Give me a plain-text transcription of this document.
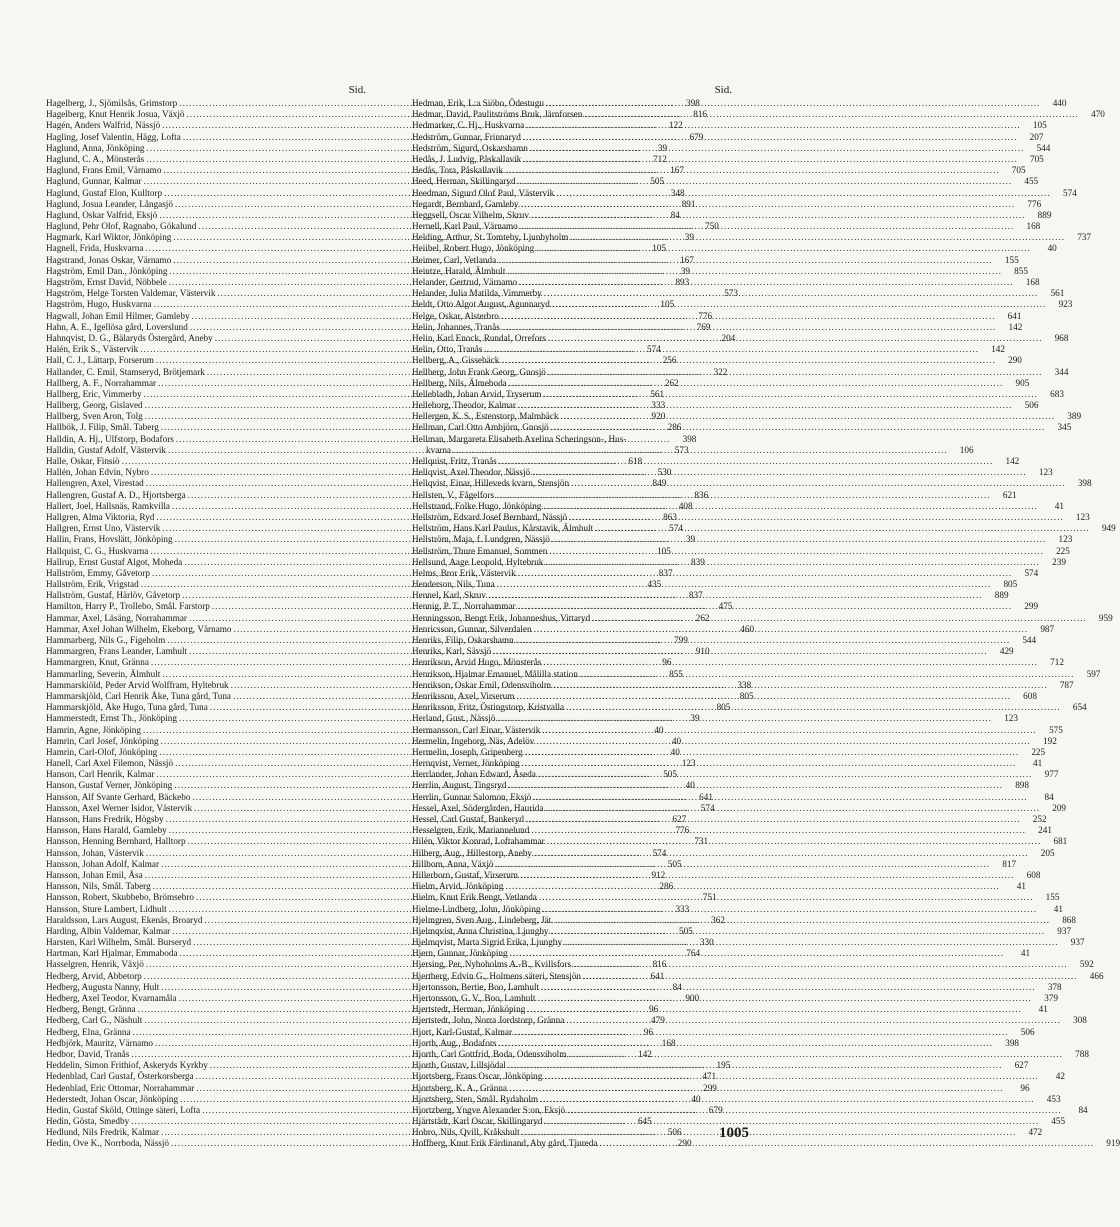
Sid.
Hagelberg, J., Sjömilsås, Grimstorp .....	398
Hagelberg, Knut Henrik Josua, Växjö .....	816
Hagén, Anders Walfrid, Nässjö .....	122
Hagling, Josef Valentin, Hägg, Lofta .....	679
Haglund, Anna, Jönköping .....	39
Haglund, C. A., Mönsterås .....	712
Haglund, Frans Emil, Värnamo .....	167
Haglund, Gunnar, Kalmar .....	505
Haglund, Gustaf Elon, Kulltorp .....	348
Haglund, Josua Leander, Långasjö .....	891
Haglund, Oskar Valfrid, Eksjö .....	84
Haglund, Pehr Olof, Ragnabo, Gökalund .....	750
Hagmark, Karl Wiktor, Jönköping .....	39
Hagnell, Frida, Huskvarna .....	105
Hagstrand, Jonas Oskar, Värnamo .....	167
Hagström, Emil Dan., Jönköping .....	39
Hagström, Ernst David, Nöbbele .....	893
Hagström, Helge Torsten Valdemar, Västervik .....	573
Hagström, Hugo, Huskvarna .....	105
Hagwall, Johan Emil Hilmer, Gamleby .....	776
Hahn, A. E., Igellösa gård, Loverslund .....	769
Hahnqvist, D. G., Bälaryds Östergård, Aneby .....	204
Halén, Erik S., Västervik .....	574
Hall, C. J., Lättarp, Forserum .....	256
Hallander, C. Emil, Stamseryd, Brötjemark .....	322
Hallberg, A. F., Norrahammar .....	262
Hallberg, Eric, Vimmerby .....	561
Hallberg, Georg, Gislaved .....	333
Hallberg, Sven Aron, Tolg .....	920
Hallbök, J. Filip, Smål. Taberg .....	286
Halldin, A. Hj., Ulfstorp, Bodafors .....	398
Halldin, Gustaf Adolf, Västervik .....	573
Halle, Oskar, Finsiö .....	618
Hallén, Johan Edvin, Nybro .....	530
Hallengren, Axel, Virestad .....	849
Hallengren, Gustaf A. D., Hjortsberga .....	836
Hallert, Joel, Hallsnäs, Ramkvilla .....	408
Hallgren, Alma Viktoria, Ryd .....	863
Hallgren, Ernst Uno, Västervik .....	574
Hallin, Frans, Hovslätt, Jönköping .....	39
Hallquist, C. G., Huskvarna .....	105
Hallrup, Ernst Gustaf Algot, Moheda .....	839
Hallström, Emmy, Gåvetorp .....	837
Hallström, Erik, Vrigstad .....	435
Hallström, Gustaf, Härlöv, Gåvetorp .....	837
Hamilton, Harry P., Trollebo, Smål. Farstorp .....	475
Hammar, Axel, Läsäng, Norrahammar .....	262
Hammar, Axel Johan Wilhelm, Ekeborg, Värnamo .....	460
Hammarberg, Nils G., Figeholm .....	799
Hammargren, Frans Leander, Lamhult .....	910
Hammargren, Knut, Gränna .....	96
Hammarling, Severin, Älmhult .....	855
Hammarskiöld, Peder Arvid Wolffram, Hyltebruk .....	338
Hammarskjöld, Carl Henrik Åke, Tuna gård, Tuna .....	805
Hammarskjöld, Åke Hugo, Tuna gård, Tuna .....	805
Hammerstedt, Ernst Th., Jönköping .....	39
Hamrin, Agne, Jönköping .....	40
Hamrin, Carl Josef, Jönköping .....	40
Hamrin, Carl-Olof, Jönköping .....	40
Hanell, Carl Axel Filemon, Nässjö .....	123
Hanson, Carl Henrik, Kalmar .....	505
Hanson, Gustaf Verner, Jönköping .....	40
Hansson, Alf Svante Gerhard, Bäckebo .....	641
Hansson, Axel Werner Isidor, Västervik .....	574
Hansson, Hans Fredrik, Högsby .....	627
Hansson, Hans Harald, Gamleby .....	776
Hansson, Henning Bernhard, Halltorp .....	731
Hansson, Johan, Västervik .....	574
Hansson, Johan Adolf, Kalmar .....	505
Hansson, Johan Emil, Åsa .....	912
Hansson, Nils, Smål. Taberg .....	286
Hansson, Robert, Skubbebo, Brömsebro .....	751
Hansson, Sture Lambert, Lidhult .....	333
Haraldsson, Lars August, Ekenäs, Broaryd .....	362
Harding, Albin Valdemar, Kalmar .....	505
Harsten, Karl Wilhelm, Smål. Burseryd .....	330
Hartman, Karl Hjalmar, Emmaboda .....	764
Hasselgren, Henrik, Växjö .....	816
Hedberg, Arvid, Abbetorp .....	641
Hedberg, Augusta Nanny, Hult .....	84
Hedberg, Axel Teodor, Kvarnamåla .....	900
Hedberg, Bengt, Gränna .....	96
Hedberg, Carl G., Näshult .....	479
Hedberg, Elna, Gränna .....	96
Hedbjörk, Mauritz, Värnamo .....	168
Hedbor, David, Tranås .....	142
Heddelin, Simon Frithiof, Askeryds Kyrkby .....	195
Hedenblad, Carl Gustaf, Österkorsberga .....	471
Hedenblad, Eric Ottomar, Norrahammar .....	299
Hederstedt, Johan Oscar, Jönköping .....	40
Hedin, Gustaf Sköld, Ottinge säteri, Lofta .....	679
Hedin, Gösta, Smedby .....	645
Hedlund, Nils Fredrik, Kalmar .....	506
Hedin, Ove K., Norrboda, Nässjö .....	290
Sid.
Hedman, Erik, L:a Siöbo, Ödestugu .....	440
Hedmar, David, Paulitströms Bruk, Järnforsen .....	470
Hedmarker, C. Hj., Huskvarna .....	105
Hedström, Gunnar, Frinnaryd .....	207
Hedström, Sigurd, Oskarshamn .....	544
Hedås, J. Ludvig, Påskallavik .....	705
Hedås, Tora, Påskallavik .....	705
Heed, Herman, Skillingaryd .....	455
Heedman, Sigurd Olof Paul, Västervik .....	574
Hegardt, Bernhard, Gamleby .....	776
Heggsell, Oscar Vilhelm, Skruv .....	889
Hernell, Karl Paul, Värnamo .....	168
Helding, Arthur, St. Tomteby, Ljunbyholm .....	737
Heiibel, Robert Hugo, Jönköping .....	40
Heimer, Carl, Vetlanda .....	155
Heintze, Harald, Älmhult .....	855
Helander, Gertrud, Värnamo .....	168
Helander, Julia Matilda, Vimmerby .....	561
Heldt, Otto Algot August, Agunnaryd .....	923
Helge, Oskar, Alsterbro .....	641
Helin, Johannes, Tranås .....	142
Helin, Karl Enock, Rundal, Orrefors .....	968
Helin, Otto, Tranås .....	142
Hellberg, A., Gissebäck .....	290
Hellberg, John Frank Georg, Gnosjö .....	344
Hellberg, Nils, Älmeboda .....	905
Hellebladh, Johan Arvid, Tryserum .....	683
Helleborg, Theodor, Kalmar .....	506
Hellergen, K. S., Estenstorp, Malmbäck .....	389
Hellman, Carl Otto Ambjörn, Gnosjö .....	345
Hellman, Margareta Elisabeth Axelina Scheringson-, Hus-
kvarna .....	106
Hellquist, Fritz, Tranås .....	142
Hellqvist, Axel Theodor, Nässjö .....	123
Hellqvist, Einar, Hilleveds kvarn, Stensjön .....	398
Hellsten, V., Fågelfors .....	621
Hellstrand, Folke Hugo, Jönköping .....	41
Hellström, Edvard Josef Bernhard, Nässjö .....	123
Hellström, Hans Karl Paulus, Kårstavik, Älmhult .....	949
Hellström, Maja, f. Lundgren, Nässjö .....	123
Hellström, Thure Emanuel, Sommen .....	225
Hellsund, Aage Leopold, Hyltebruk .....	239
Helms, Bror Erik, Västervik .....	574
Henderson, Nils, Tuna .....	805
Hennel, Karl, Skruv .....	889
Hennig, P. T., Norrahammar .....	299
Henningsson, Bengt Erik, Johanneshus, Vittaryd .....	959
Henricsson, Gunnar, Silverdalen .....	987
Henriks, Filip, Oskarshamn .....	544
Henriks, Karl, Sävsjö .....	429
Henrikson, Arvid Hugo, Mönsterås .....	712
Henrikson, Hjalmar Emanuel, Målilla station .....	597
Henrikson, Oskar Emil, Odensviholm .....	787
Henriksson, Axel, Virserum .....	608
Henriksson, Fritz, Östingstorp, Kristvalla .....	654
Herland, Gust., Nässjö .....	123
Hermansson, Carl Einar, Västervik .....	575
Hermelin, Ingeborg, Näs, Adelöv .....	192
Hermelin, Joseph, Gripenberg .....	225
Hernqvist, Verner, Jönköping .....	41
Herrlander, Johan Edward, Åseda .....	977
Herrlin, August, Tingsryd .....	898
Herrlin, Gunnar Salomon, Eksjö .....	84
Hessel, Axel, Södergården, Haurida .....	209
Hessel, Carl Gustaf, Bankeryd .....	252
Hesselgren, Erik, Mariannelund .....	241
Hilén, Viktor Konrad, Loftahammar .....	681
Hilberg, Aug., Hillestorp, Aneby .....	205
Hillbom, Anna, Växjö .....	817
Hillerborn, Gustaf, Virserum .....	608
Hielm, Arvid, Jönköping .....	41
Hielm, Knut Erik Bengt, Vetlanda .....	155
Hielme-Lindberg, John, Jönköping .....	41
Hjelmgren, Sven Aug., Lindeberg, Jät. .....	868
Hjelmqvist, Anna Christina, Ljungby .....	937
Hjelmqvist, Marta Sigrid Erika, Ljungby .....	937
Hjern, Gunnar, Jönköping .....	41
Hjersing, Per, Nyboholms A.-B., Kvillsfors .....	592
Hjertberg, Edvin G., Holmens säteri, Stensjön .....	466
Hjertonsson, Bertie, Boo, Lamhult .....	378
Hjertonsson, G. V., Boo, Lamhult .....	379
Hjertstedt, Herman, Jönköping .....	41
Hjertstedt, John, Norra Jordstorp, Gränna .....	308
Hjort, Karl-Gustaf, Kalmar .....	506
Hjorth, Aug., Bodafors .....	398
Hjorth, Carl Gottfrid, Boda, Odensviholm .....	788
Hjorth, Gustav, Lillsjödal .....	627
Hjortsberg, Frans Oscar, Jönköping .....	42
Hjortsberg, K. A., Gränna .....	96
Hjortsberg, Sten, Smål. Rydaholm .....	453
Hjortzberg, Yngve Alexander S:on, Eksjö .....	84
Hjärtstädt, Karl Oscar, Skillingaryd .....	455
Hobro, Nils, Qvill, Kråkshult .....	472
Hoffberg, Knut Erik Färdinand, Aby gård, Tjureda .....	919
1005
